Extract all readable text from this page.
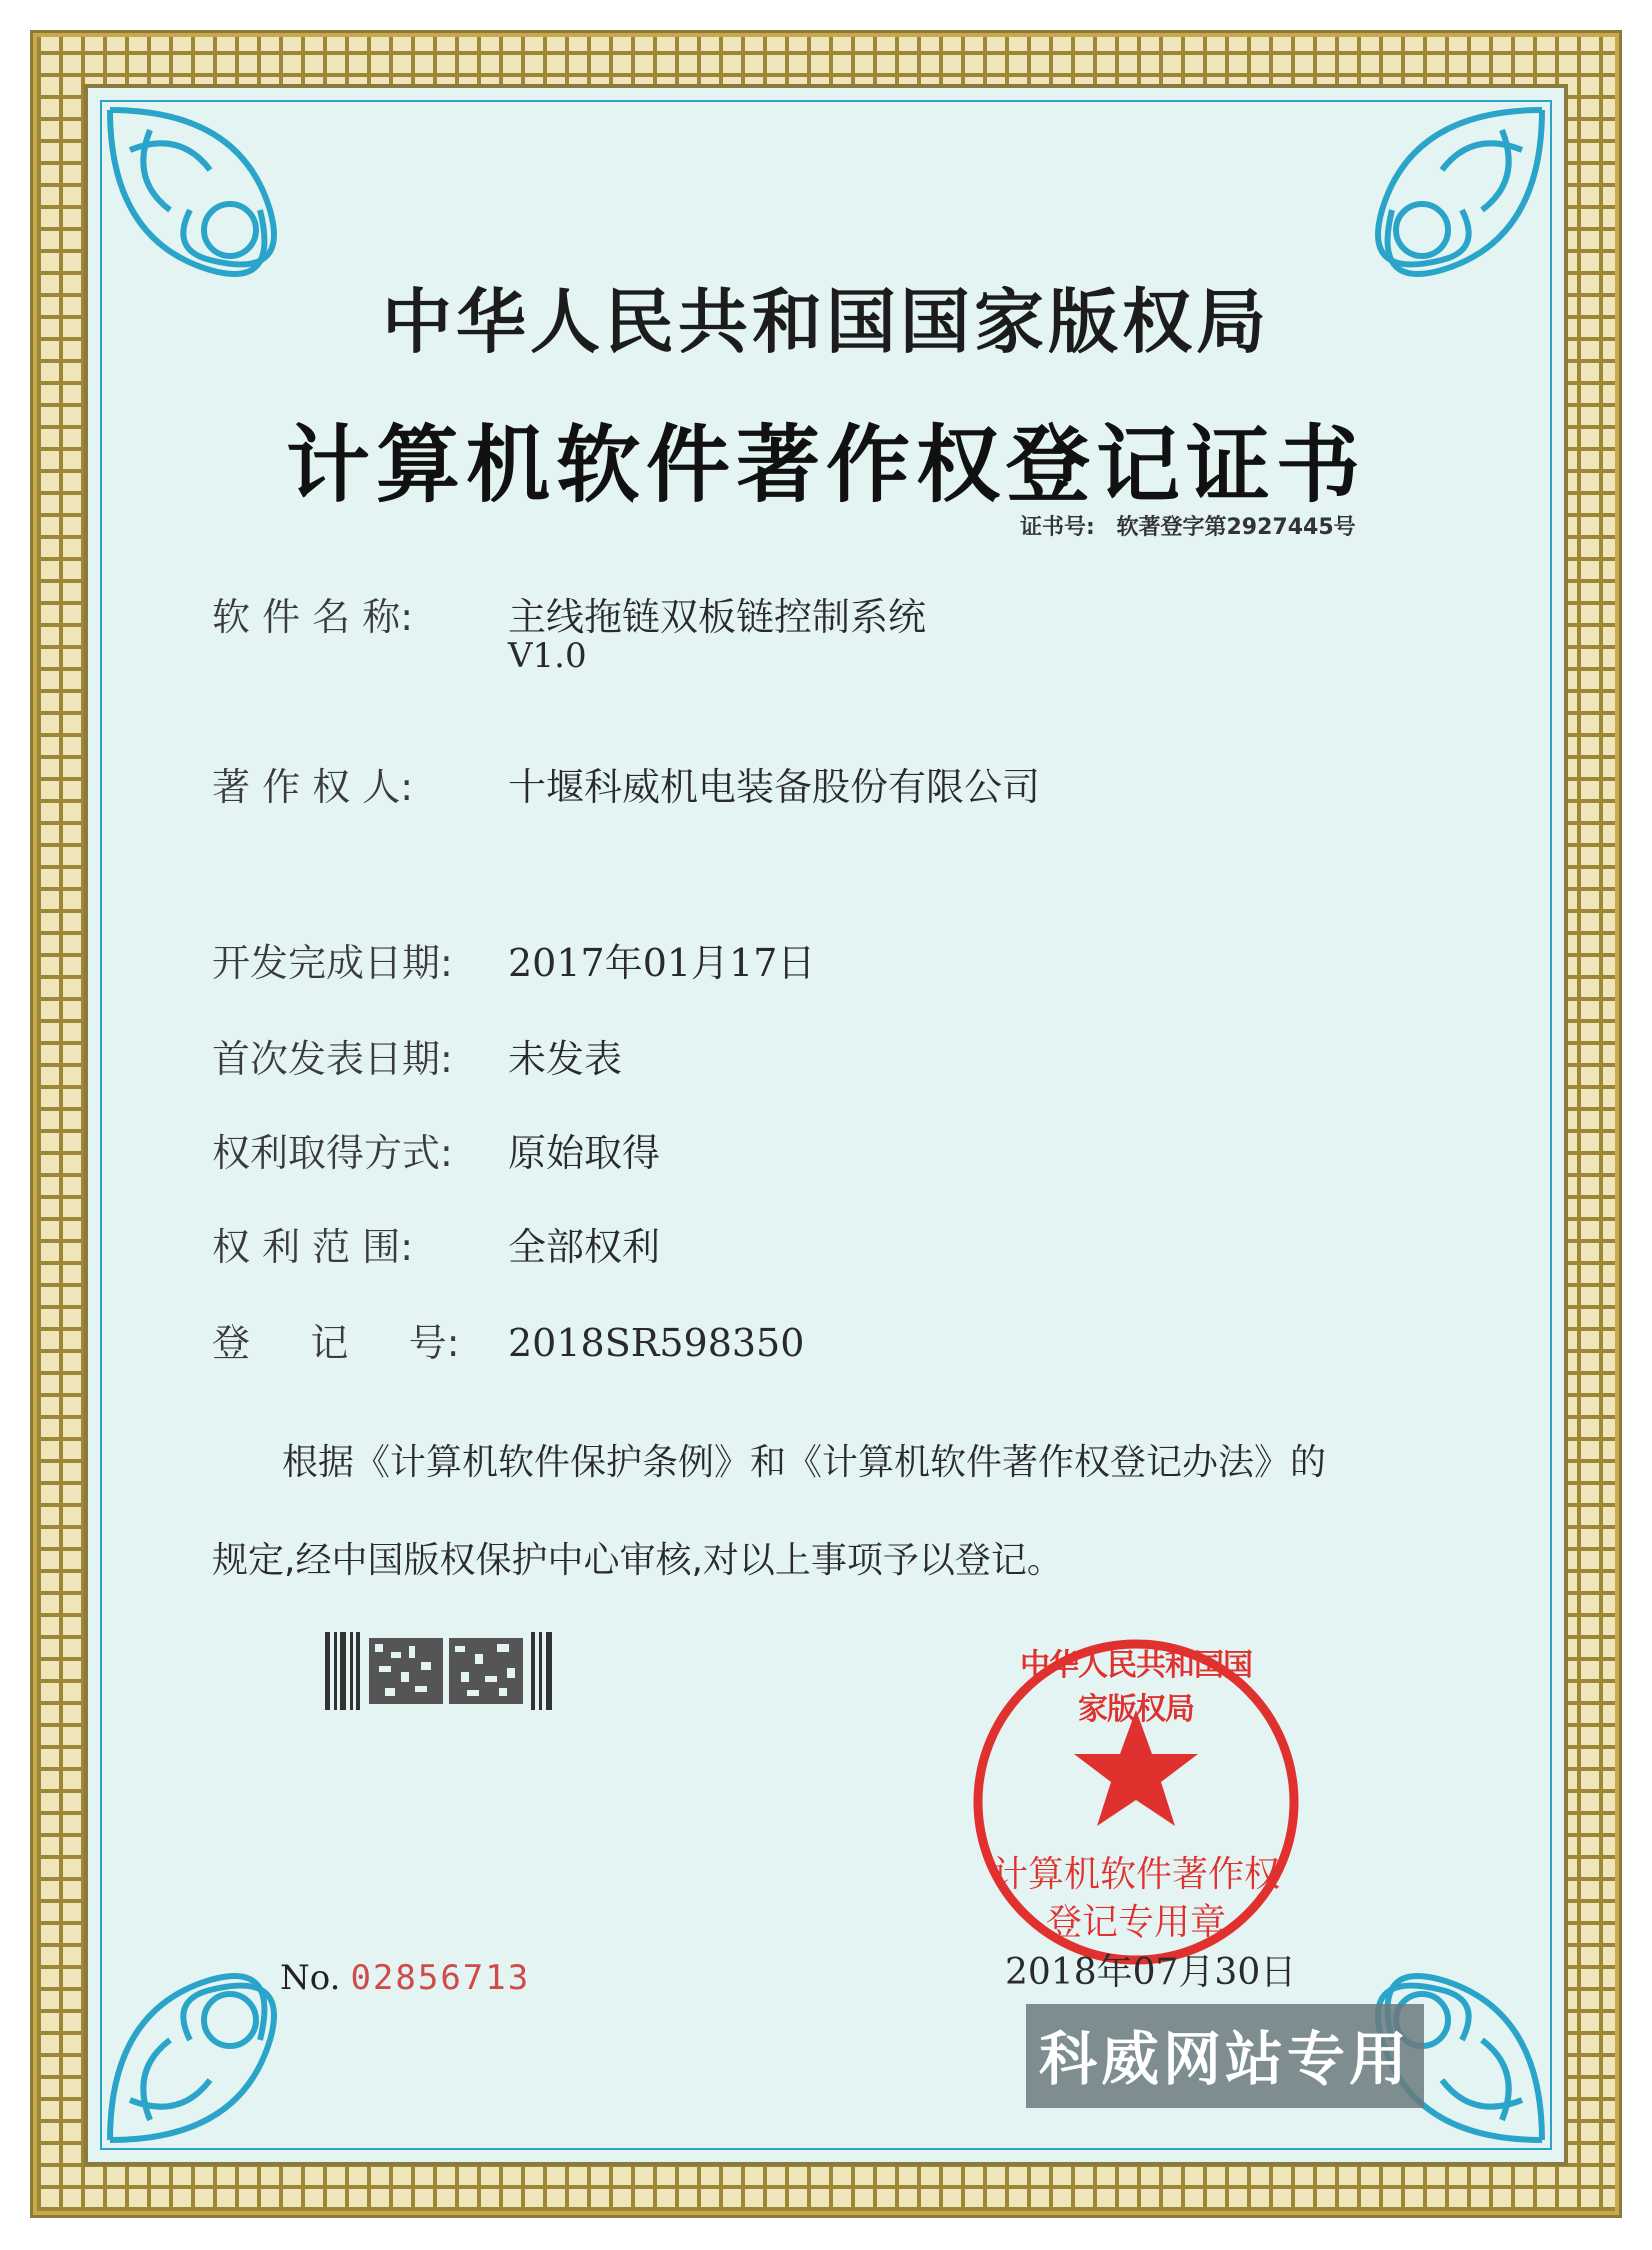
中华人民共和国国家版权局
计算机软件著作权登记证书
证书号: 软著登字第2927445号
软 件 名 称: 主线拖链双板链控制系统
V1.0
著 作 权 人: 十堰科威机电装备股份有限公司
开发完成日期: 2017年01月17日
首次发表日期: 未发表
权利取得方式: 原始取得
权 利 范 围: 全部权利
登     记     号: 2018SR598350
根据《计算机软件保护条例》和《计算机软件著作权登记办法》的
规定,经中国版权保护中心审核,对以上事项予以登记。
中华人民共和国国家版权局
计算机软件著作权
登记专用章
No. 02856713	2018年07月30日
科威网站专用
